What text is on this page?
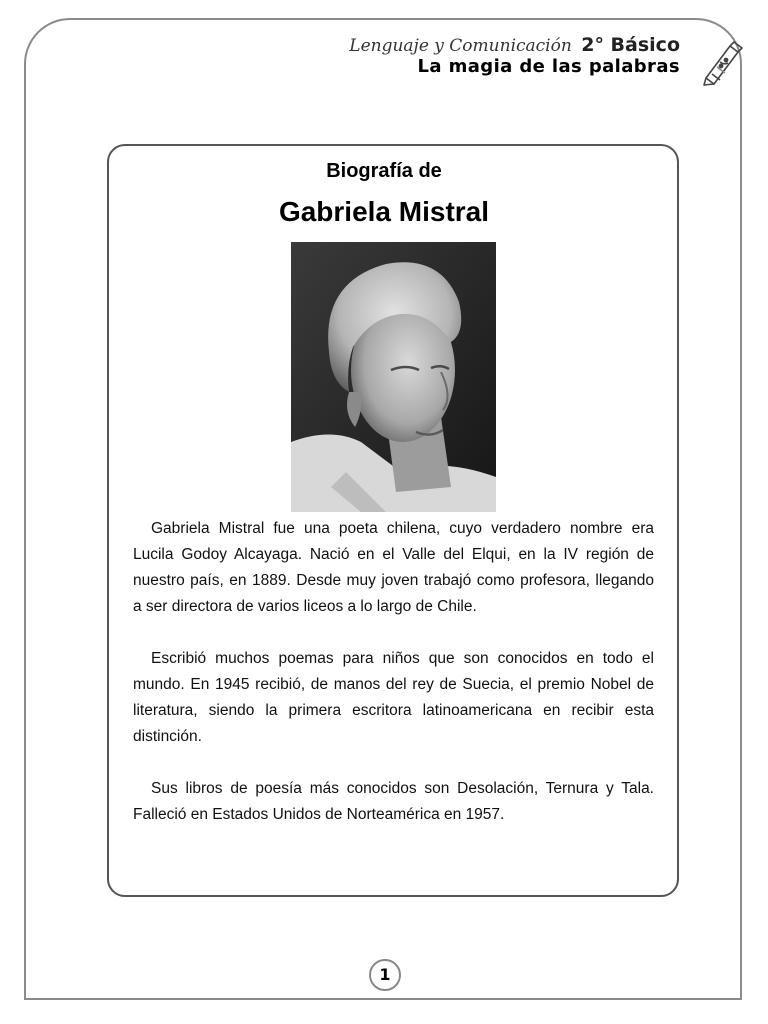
Lenguaje y Comunicación 2° Básico
La magia de las palabras
Biografía de
Gabriela Mistral

Gabriela Mistral fue una poeta chilena, cuyo verdadero nombre era Lucila Godoy Alcayaga. Nació en el Valle del Elqui, en la IV región de nuestro país, en 1889. Desde muy joven trabajó como profesora, llegando a ser directora de varios liceos a lo largo de Chile.

Escribió muchos poemas para niños que son conocidos en todo el mundo. En 1945 recibió, de manos del rey de Suecia, el premio Nobel de literatura, siendo la primera escritora latinoamericana en recibir esta distinción.

Sus libros de poesía más conocidos son Desolación, Ternura y Tala. Falleció en Estados Unidos de Norteamérica en 1957.

1
